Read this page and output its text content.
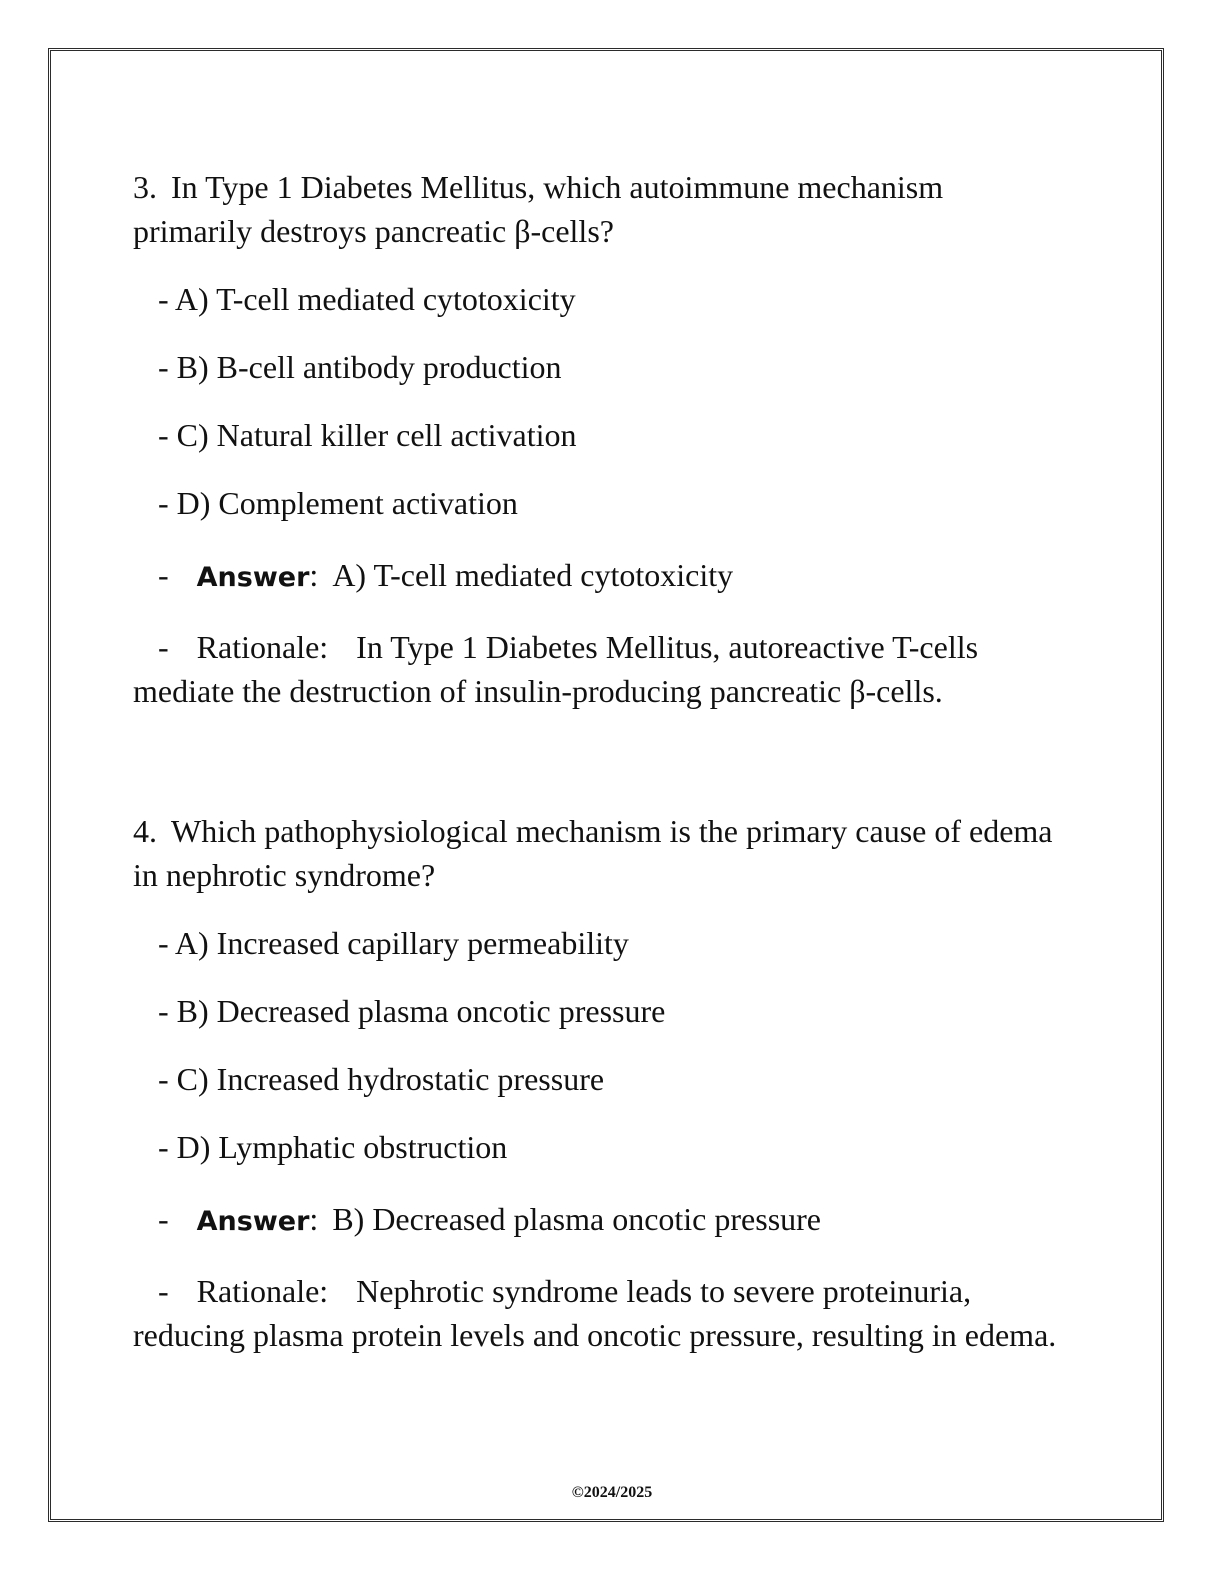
3. In Type 1 Diabetes Mellitus, which autoimmune mechanism primarily destroys pancreatic β-cells?

- A) T-cell mediated cytotoxicity

- B) B-cell antibody production

- C) Natural killer cell activation

- D) Complement activation

- Answer: A) T-cell mediated cytotoxicity

- Rationale: In Type 1 Diabetes Mellitus, autoreactive T-cells mediate the destruction of insulin-producing pancreatic β-cells.

4. Which pathophysiological mechanism is the primary cause of edema in nephrotic syndrome?

- A) Increased capillary permeability

- B) Decreased plasma oncotic pressure

- C) Increased hydrostatic pressure

- D) Lymphatic obstruction

- Answer: B) Decreased plasma oncotic pressure

- Rationale: Nephrotic syndrome leads to severe proteinuria, reducing plasma protein levels and oncotic pressure, resulting in edema.

©2024/2025
